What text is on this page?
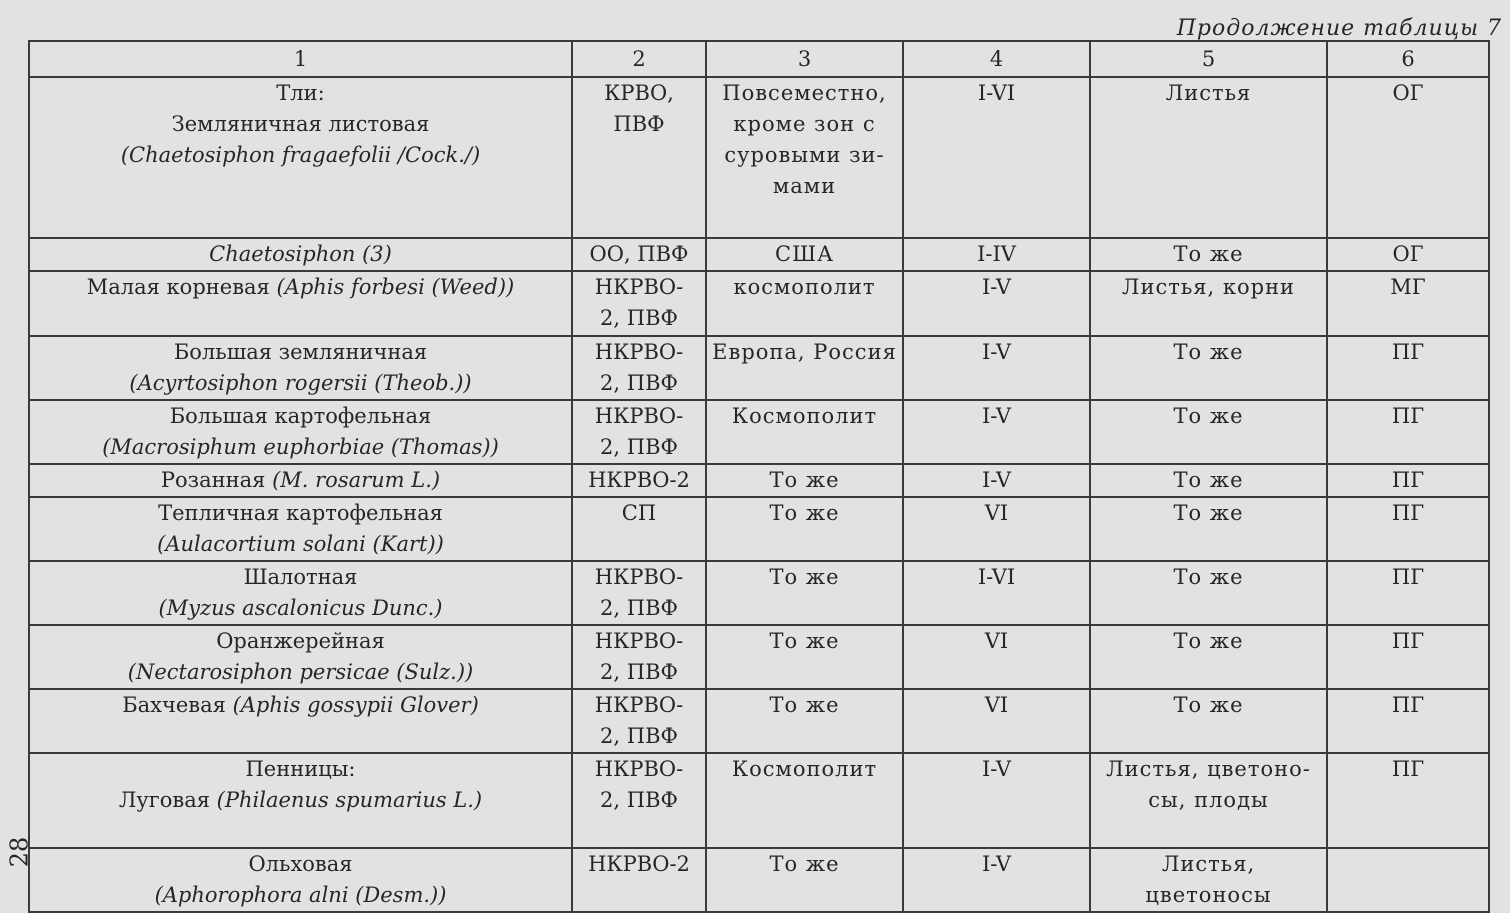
Продолжение таблицы 7
28
1	2	3	4	5	6

Тли:
Земляничная листовая
(Chaetosiphon fragaefolii /Cock./)	КРВО,
ПВФ	Повсеместно,
кроме зон с
суровыми зи-
мами	I-VI	Листья	ОГ
Chaetosiphon (3)	ОО, ПВФ	США	I-IV	То же	ОГ
Малая корневая (Aphis forbesi (Weed))	НКРВО-
2, ПВФ	космополит	I-V	Листья, корни	МГ
Большая земляничная
(Acyrtosiphon rogersii (Theob.))	НКРВО-
2, ПВФ	Европа, Россия	I-V	То же	ПГ
Большая картофельная
(Macrosiphum euphorbiae (Thomas))	НКРВО-
2, ПВФ	Космополит	I-V	То же	ПГ
Розанная (M. rosarum L.)	НКРВО-2	То же	I-V	То же	ПГ
Тепличная картофельная
(Aulacortium solani (Kart))	СП	То же	VI	То же	ПГ
Шалотная
(Myzus ascalonicus Dunc.)	НКРВО-
2, ПВФ	То же	I-VI	То же	ПГ
Оранжерейная
(Nectarosiphon persicae (Sulz.))	НКРВО-
2, ПВФ	То же	VI	То же	ПГ
Бахчевая (Aphis gossypii Glover)	НКРВО-
2, ПВФ	То же	VI	То же	ПГ

Пенницы:
Луговая (Philaenus spumarius L.)	НКРВО-
2, ПВФ	Космополит	I-V	Листья, цветоно-
сы, плоды	ПГ
Ольховая
(Aphorophora alni (Desm.))	НКРВО-2	То же	I-V	Листья, цветоносы	
